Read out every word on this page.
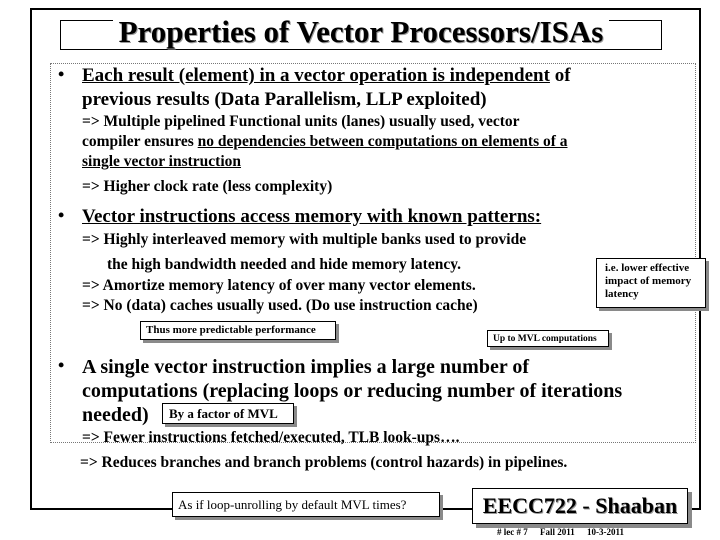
Properties of Vector Processors/ISAs
• Each result (element) in a vector operation is independent of
previous results (Data Parallelism, LLP exploited)
=> Multiple pipelined Functional units (lanes) usually used, vector
compiler ensures no dependencies between computations on elements of a
single vector instruction
=> Higher clock rate (less complexity)
• Vector instructions access memory with known patterns:
=> Highly interleaved memory with multiple banks used to provide
the high bandwidth needed and hide memory latency.
=> Amortize memory latency of over many vector elements.
=> No (data) caches usually used. (Do use instruction cache)
i.e. lower effective
impact of memory
latency
Thus more predictable performance
Up to MVL computations
• A single vector instruction implies a large number of
computations (replacing loops or reducing number of iterations
needed)	By a factor of MVL
=> Fewer instructions fetched/executed, TLB look-ups….
=> Reduces branches and branch problems (control hazards) in pipelines.
As if loop-unrolling by default MVL times?	EECC722 - Shaaban
# lec # 7 Fall 2011 10-3-2011
